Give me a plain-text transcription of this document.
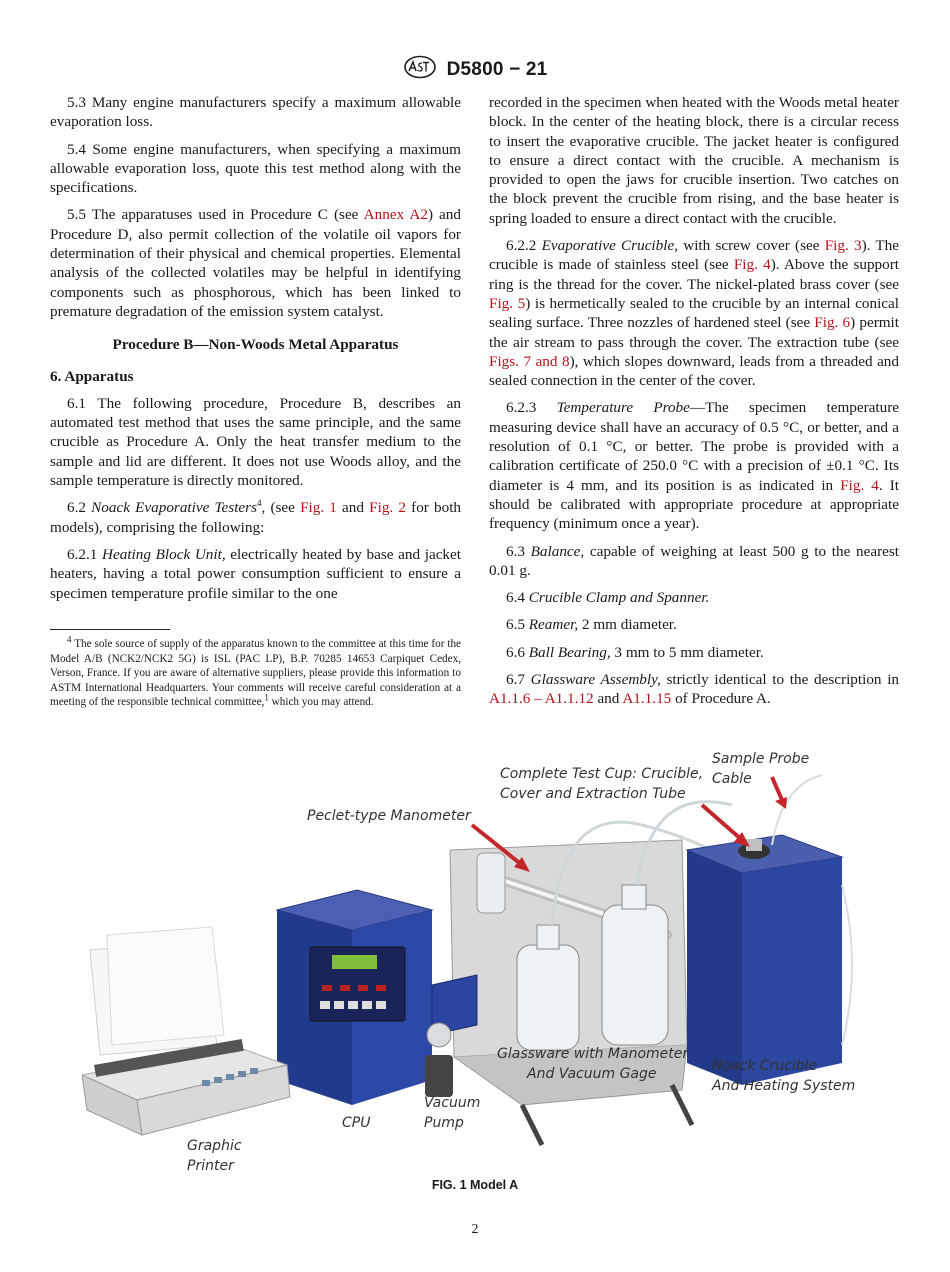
D5800 − 21

5.3 Many engine manufacturers specify a maximum allowable evaporation loss.

5.4 Some engine manufacturers, when specifying a maximum allowable evaporation loss, quote this test method along with the specifications.

5.5 The apparatuses used in Procedure C (see Annex A2) and Procedure D, also permit collection of the volatile oil vapors for determination of their physical and chemical properties. Elemental analysis of the collected volatiles may be helpful in identifying components such as phosphorous, which has been linked to premature degradation of the emission system catalyst.

Procedure B—Non-Woods Metal Apparatus
6. Apparatus

6.1 The following procedure, Procedure B, describes an automated test method that uses the same principle, and the same crucible as Procedure A. Only the heat transfer medium to the sample and lid are different. It does not use Woods alloy, and the sample temperature is directly monitored.

6.2 Noack Evaporative Testers$^4$, (see Fig. 1 and Fig. 2 for both models), comprising the following:

6.2.1 Heating Block Unit, electrically heated by base and jacket heaters, having a total power consumption sufficient to ensure a specimen temperature profile similar to the one

$^4$ The sole source of supply of the apparatus known to the committee at this time for the Model A/B (NCK2/NCK2 5G) is ISL (PAC LP), B.P. 70285 14653 Carpiquet Cedex, Verson, France. If you are aware of alternative suppliers, please provide this information to ASTM International Headquarters. Your comments will receive careful consideration at a meeting of the responsible technical committee,$^1$ which you may attend.

recorded in the specimen when heated with the Woods metal heater block. In the center of the heating block, there is a circular recess to insert the evaporative crucible. The jacket heater is configured to ensure a direct contact with the crucible. A mechanism is provided to open the jaws for crucible insertion. Two catches on the block prevent the crucible from rising, and the base heater is spring loaded to ensure a direct contact with the crucible.

6.2.2 Evaporative Crucible, with screw cover (see Fig. 3). The crucible is made of stainless steel (see Fig. 4). Above the support ring is the thread for the cover. The nickel-plated brass cover (see Fig. 5) is hermetically sealed to the crucible by an internal conical sealing surface. Three nozzles of hardened steel (see Fig. 6) permit the air stream to pass through the cover. The extraction tube (see Figs. 7 and 8), which slopes downward, leads from a threaded and sealed connection in the center of the cover.

6.2.3 Temperature Probe—The specimen temperature measuring device shall have an accuracy of 0.5 °C, or better, and a resolution of 0.1 °C, or better. The probe is provided with a calibration certificate of 250.0 °C with a precision of ±0.1 °C. Its diameter is 4 mm, and its position is as indicated in Fig. 4. It should be calibrated with appropriate procedure at appropriate frequency (minimum once a year).

6.3 Balance, capable of weighing at least 500 g to the nearest 0.01 g.

6.4 Crucible Clamp and Spanner.

6.5 Reamer, 2 mm diameter.

6.6 Ball Bearing, 3 mm to 5 mm diameter.

6.7 Glassware Assembly, strictly identical to the description in A1.1.6 – A1.1.12 and A1.1.15 of Procedure A.

Peclet-type Manometer
Complete Test Cup: Crucible,
Cover and Extraction Tube
Sample Probe
Cable
Glassware with Manometer
And Vacuum Gage	Noack Crucible
And Heating System
CPU
Vacuum
Pump
Graphic
Printer
FIG. 1 Model A
2
